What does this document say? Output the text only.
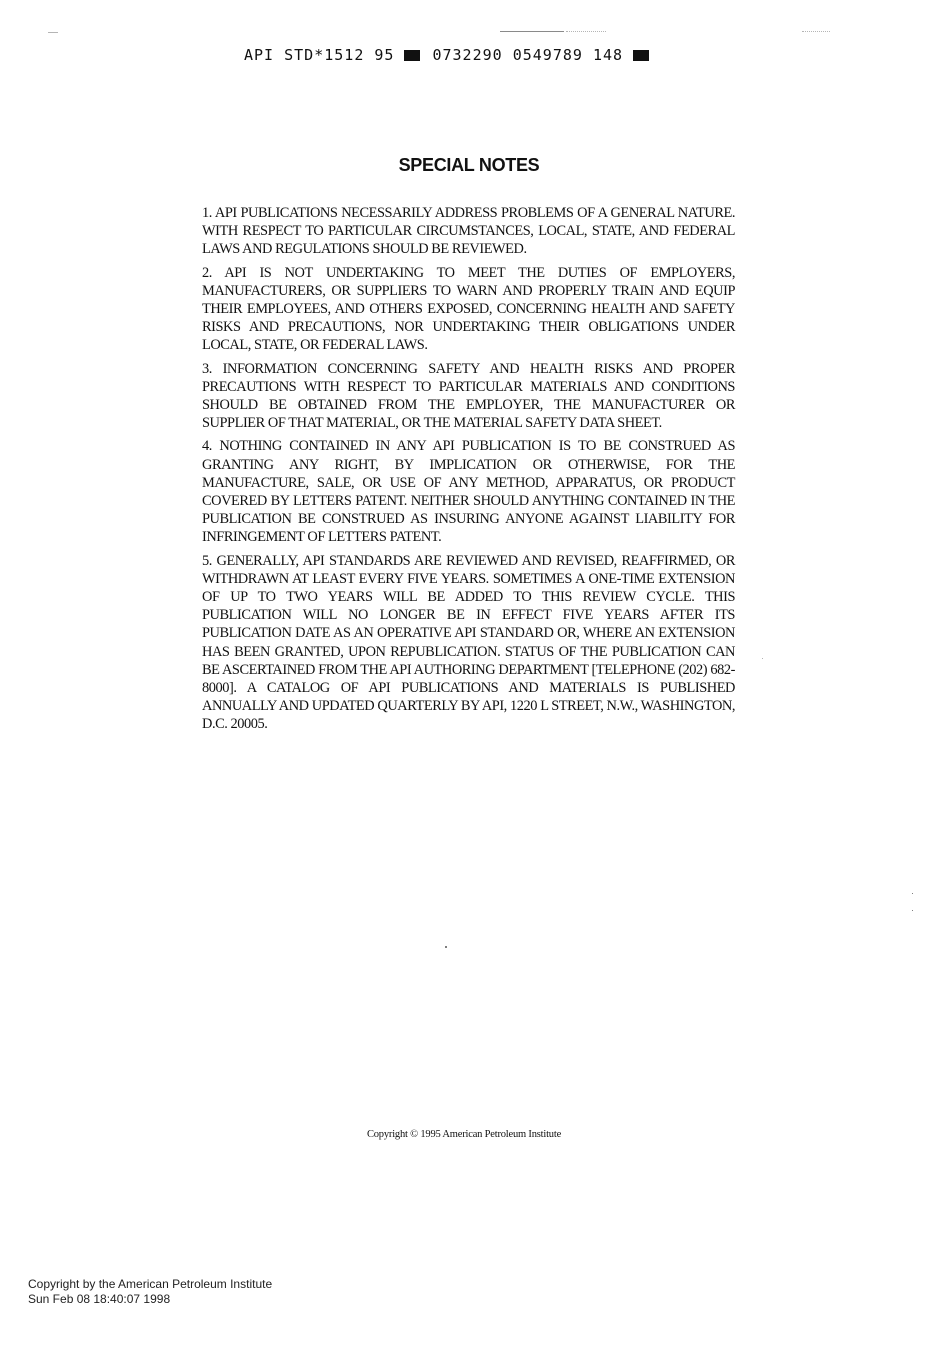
API STD*1512 95	0732290 0549789 148
SPECIAL NOTES

1. API PUBLICATIONS NECESSARILY ADDRESS PROBLEMS OF A GENERAL NATURE. WITH RESPECT TO PARTICULAR CIRCUMSTANCES, LOCAL, STATE, AND FEDERAL LAWS AND REGULATIONS SHOULD BE REVIEWED.

2. API IS NOT UNDERTAKING TO MEET THE DUTIES OF EMPLOYERS, MANUFACTURERS, OR SUPPLIERS TO WARN AND PROPERLY TRAIN AND EQUIP THEIR EMPLOYEES, AND OTHERS EXPOSED, CONCERNING HEALTH AND SAFETY RISKS AND PRECAUTIONS, NOR UNDERTAKING THEIR OBLIGATIONS UNDER LOCAL, STATE, OR FEDERAL LAWS.

3. INFORMATION CONCERNING SAFETY AND HEALTH RISKS AND PROPER PRECAUTIONS WITH RESPECT TO PARTICULAR MATERIALS AND CONDITIONS SHOULD BE OBTAINED FROM THE EMPLOYER, THE MANUFACTURER OR SUPPLIER OF THAT MATERIAL, OR THE MATERIAL SAFETY DATA SHEET.

4. NOTHING CONTAINED IN ANY API PUBLICATION IS TO BE CONSTRUED AS GRANTING ANY RIGHT, BY IMPLICATION OR OTHERWISE, FOR THE MANUFACTURE, SALE, OR USE OF ANY METHOD, APPARATUS, OR PRODUCT COVERED BY LETTERS PATENT. NEITHER SHOULD ANYTHING CONTAINED IN THE PUBLICATION BE CONSTRUED AS INSURING ANYONE AGAINST LIABILITY FOR INFRINGEMENT OF LETTERS PATENT.

5. GENERALLY, API STANDARDS ARE REVIEWED AND REVISED, REAFFIRMED, OR WITHDRAWN AT LEAST EVERY FIVE YEARS. SOMETIMES A ONE-TIME EXTENSION OF UP TO TWO YEARS WILL BE ADDED TO THIS REVIEW CYCLE. THIS PUBLICATION WILL NO LONGER BE IN EFFECT FIVE YEARS AFTER ITS PUBLICATION DATE AS AN OPERATIVE API STANDARD OR, WHERE AN EXTENSION HAS BEEN GRANTED, UPON REPUBLICATION. STATUS OF THE PUBLICATION CAN BE ASCERTAINED FROM THE API AUTHORING DEPARTMENT [TELEPHONE (202) 682-8000]. A CATALOG OF API PUBLICATIONS AND MATERIALS IS PUBLISHED ANNUALLY AND UPDATED QUARTERLY BY API, 1220 L STREET, N.W., WASHINGTON, D.C. 20005.

Copyright © 1995 American Petroleum Institute
Copyright by the American Petroleum Institute
Sun Feb 08 18:40:07 1998
